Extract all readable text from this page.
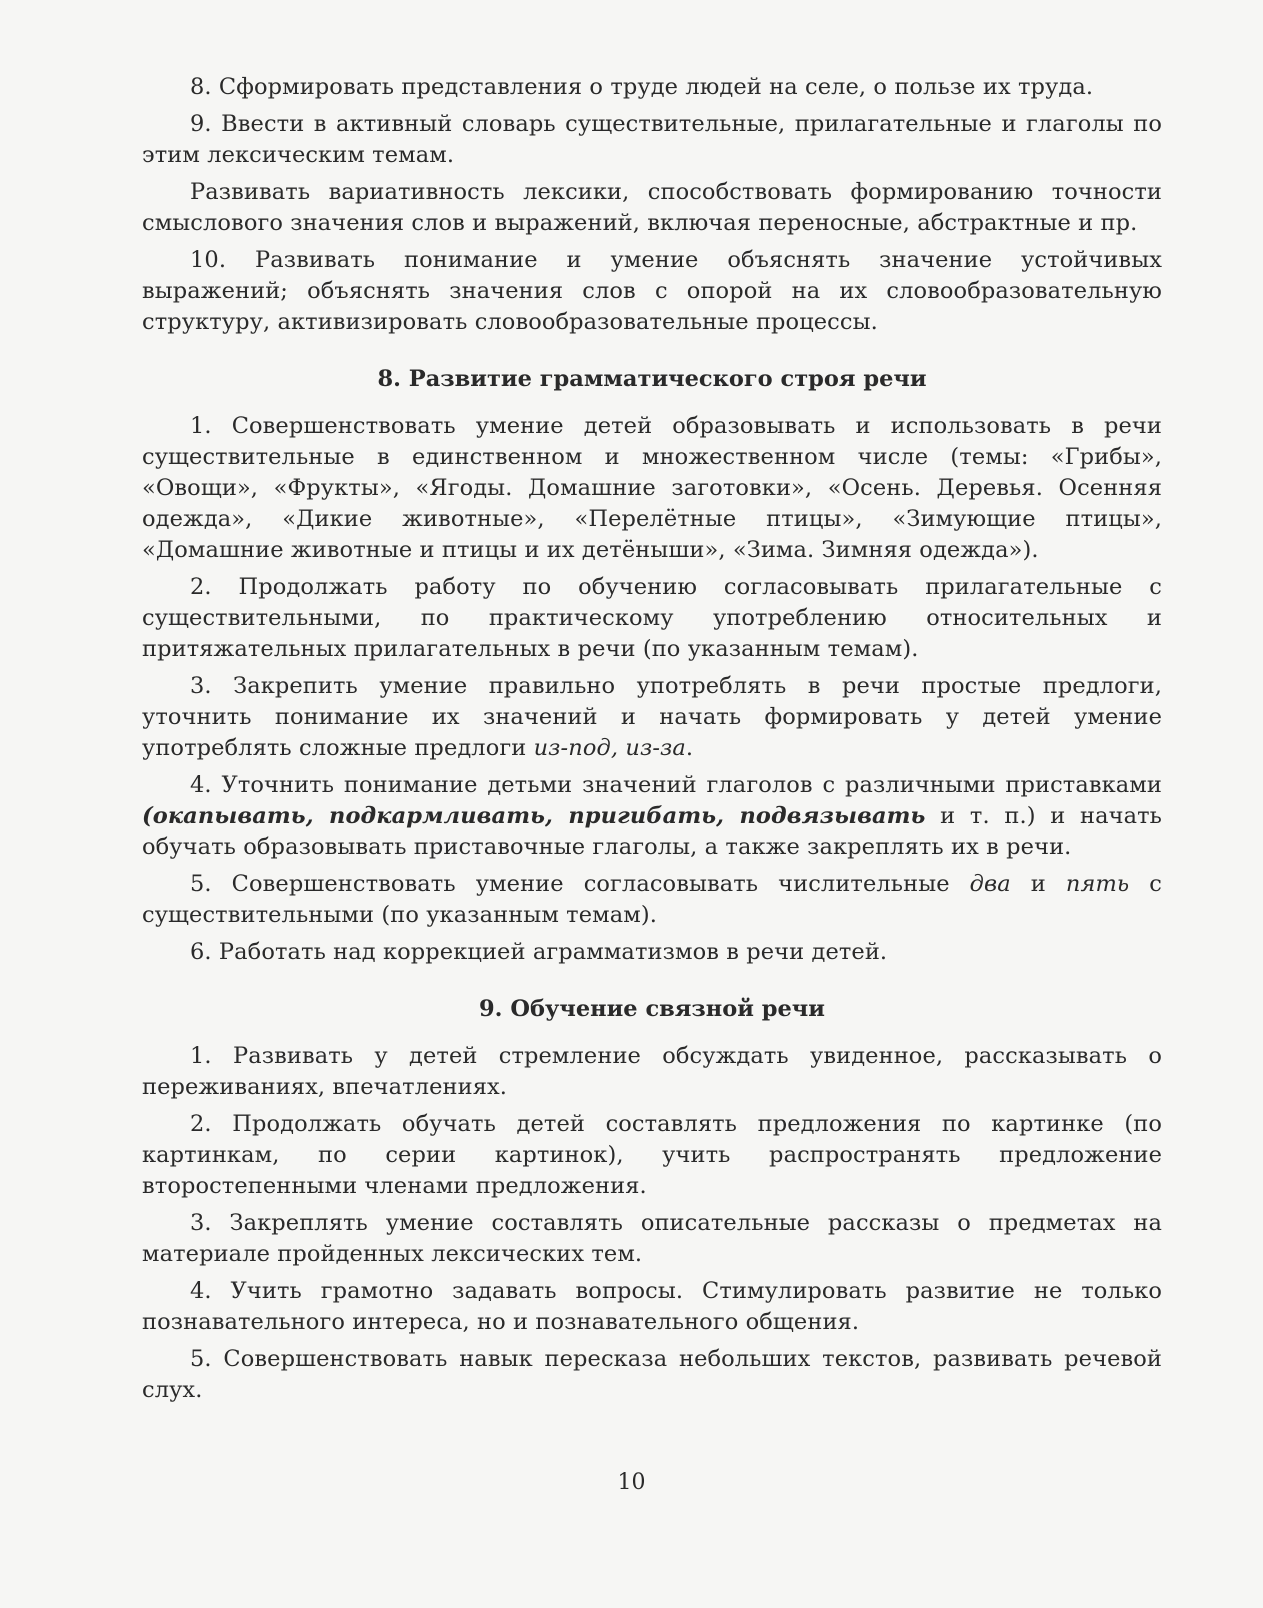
8. Сформировать представления о труде людей на селе, о пользе их труда.

9. Ввести в активный словарь существительные, прилагательные и глаголы по этим лексическим темам.

Развивать вариативность лексики, способствовать формированию точности смыслового значения слов и выражений, включая переносные, абстрактные и пр.

10. Развивать понимание и умение объяснять значение устойчивых выражений; объяснять значения слов с опорой на их словообразовательную структуру, активизировать словообразовательные процессы.

8. Развитие грамматического строя речи

1. Совершенствовать умение детей образовывать и использовать в речи существительные в единственном и множественном числе (темы: «Грибы», «Овощи», «Фрукты», «Ягоды. Домашние заготовки», «Осень. Деревья. Осенняя одежда», «Дикие животные», «Перелётные птицы», «Зимующие птицы», «Домашние животные и птицы и их детёныши», «Зима. Зимняя одежда»).

2. Продолжать работу по обучению согласовывать прилагательные с существительными, по практическому употреблению относительных и притяжательных прилагательных в речи (по указанным темам).

3. Закрепить умение правильно употреблять в речи простые предлоги, уточнить понимание их значений и начать формировать у детей умение употреблять сложные предлоги из-под, из-за.

4. Уточнить понимание детьми значений глаголов с различными приставками (окапывать, подкармливать, пригибать, подвязывать и т. п.) и начать обучать образовывать приставочные глаголы, а также закреплять их в речи.

5. Совершенствовать умение согласовывать числительные два и пять с существительными (по указанным темам).

6. Работать над коррекцией аграмматизмов в речи детей.

9. Обучение связной речи

1. Развивать у детей стремление обсуждать увиденное, рассказывать о переживаниях, впечатлениях.

2. Продолжать обучать детей составлять предложения по картинке (по картинкам, по серии картинок), учить распространять предложение второстепенными членами предложения.

3. Закреплять умение составлять описательные рассказы о предметах на материале пройденных лексических тем.

4. Учить грамотно задавать вопросы. Стимулировать развитие не только познавательного интереса, но и познавательного общения.

5. Совершенствовать навык пересказа небольших текстов, развивать речевой слух.

10
